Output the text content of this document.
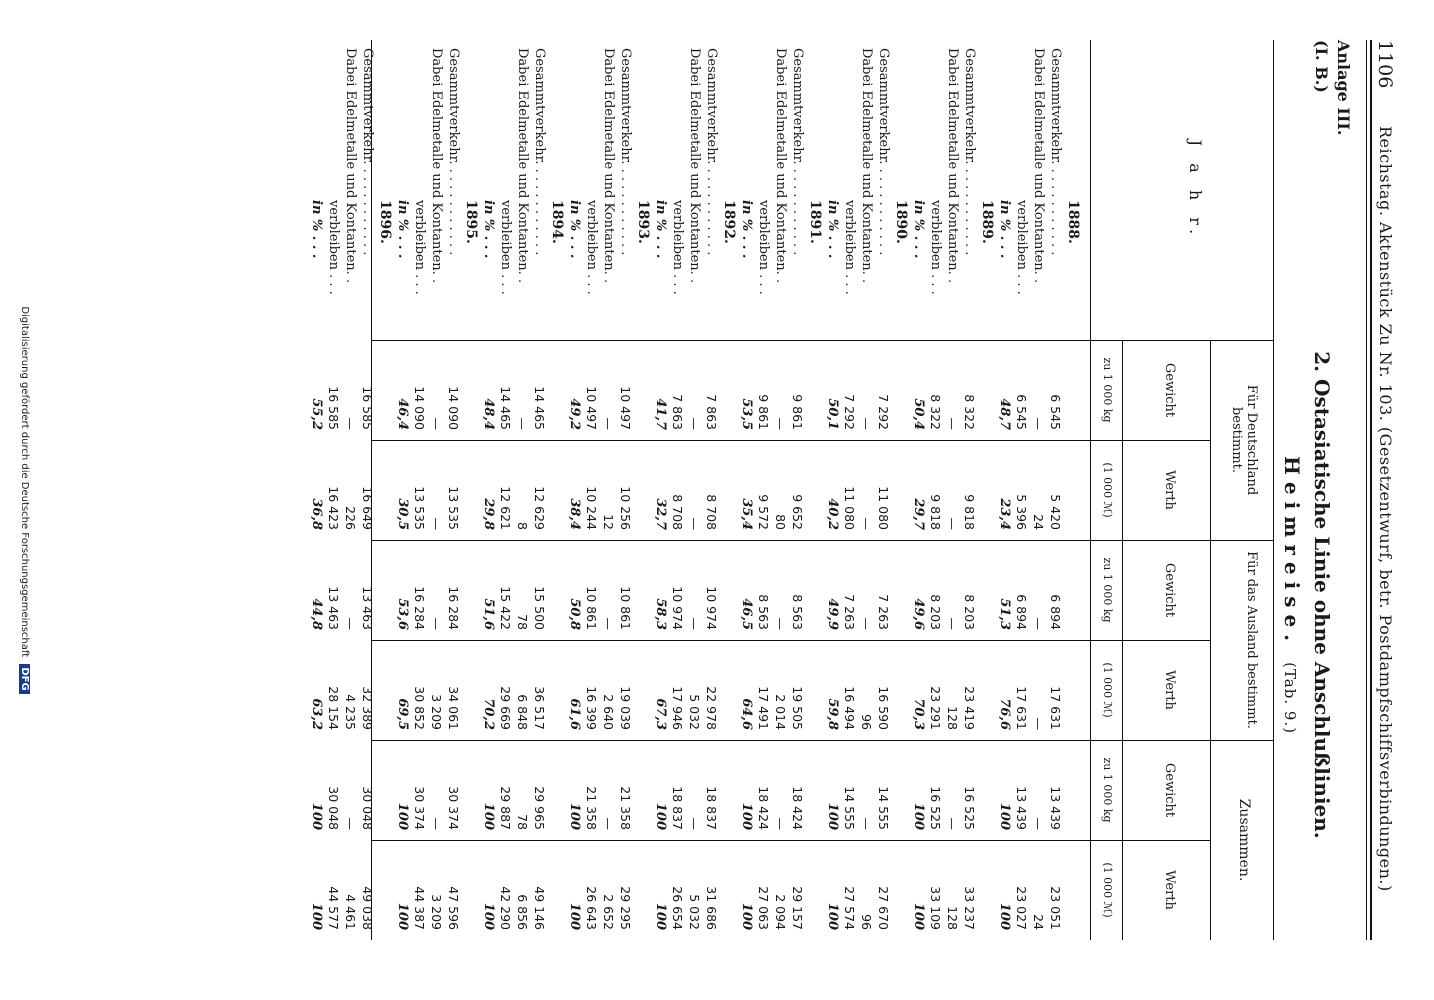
1106
Reichstag. Aktenstück Zu Nr. 103. (Gesetzentwurf, betr. Postdampfschiffsverbindungen.)
Anlage III.
(I. B.)
2. Ostasiatische Linie ohne Anschlußlinien.
Heimreise. (Tab. 9.)
J a h r.
Für Deutschland bestimmt.
Für das Ausland bestimmt.
Zusammen.
Gewicht
Werth
Gewicht
Werth
Gewicht
Werth
zu 1 000 kg
(1 000 ℳ)
zu 1 000 kg
(1 000 ℳ)
zu 1 000 kg
(1 000 ℳ)
1888.
Gesammtverkehr. . . . . . . . . . . .
6 545
5 420
6 894
17 631
13 439
23 051
Dabei Edelmetalle und Kontanten. .
—
24
—
—
—
24
verbleiben . . .
6 545
5 396
6 894
17 631
13 439
23 027
in % . . .
48,7
23,4
51,3
76,6
100
100
1889.
Gesammtverkehr. . . . . . . . . . . .
8 322
9 818
8 203
23 419
16 525
33 237
Dabei Edelmetalle und Kontanten. .
—
—
—
128
—
128
verbleiben . . .
8 322
9 818
8 203
23 291
16 525
33 109
in % . . .
50,4
29,7
49,6
70,3
100
100
1890.
Gesammtverkehr. . . . . . . . . . . .
7 292
11 080
7 263
16 590
14 555
27 670
Dabei Edelmetalle und Kontanten. .
—
—
—
96
—
96
verbleiben . . .
7 292
11 080
7 263
16 494
14 555
27 574
in % . . .
50,1
40,2
49,9
59,8
100
100
1891.
Gesammtverkehr. . . . . . . . . . . .
9 861
9 652
8 563
19 505
18 424
29 157
Dabei Edelmetalle und Kontanten. .
—
80
—
2 014
—
2 094
verbleiben . . .
9 861
9 572
8 563
17 491
18 424
27 063
in % . . .
53,5
35,4
46,5
64,6
100
100
1892.
Gesammtverkehr. . . . . . . . . . . .
7 863
8 708
10 974
22 978
18 837
31 686
Dabei Edelmetalle und Kontanten. .
—
—
—
5 032
—
5 032
verbleiben . . .
7 863
8 708
10 974
17 946
18 837
26 654
in % . . .
41,7
32,7
58,3
67,3
100
100
1893.
Gesammtverkehr. . . . . . . . . . . .
10 497
10 256
10 861
19 039
21 358
29 295
Dabei Edelmetalle und Kontanten. .
—
12
—
2 640
—
2 652
verbleiben . . .
10 497
10 244
10 861
16 399
21 358
26 643
in % . . .
49,2
38,4
50,8
61,6
100
100
1894.
Gesammtverkehr. . . . . . . . . . . .
14 465
12 629
15 500
36 517
29 965
49 146
Dabei Edelmetalle und Kontanten. .
—
8
78
6 848
78
6 856
verbleiben . . .
14 465
12 621
15 422
29 669
29 887
42 290
in % . . .
48,4
29,8
51,6
70,2
100
100
1895.
Gesammtverkehr. . . . . . . . . . . .
14 090
13 535
16 284
34 061
30 374
47 596
Dabei Edelmetalle und Kontanten. .
—
—
—
3 209
—
3 209
verbleiben . . .
14 090
13 535
16 284
30 852
30 374
44 387
in % . . .
46,4
30,5
53,6
69,5
100
100
1896.
Gesammtverkehr. . . . . . . . . . . .
16 585
16 649
13 463
32 389
30 048
49 038
Dabei Edelmetalle und Kontanten. .
—
226
—
4 235
—
4 461
verbleiben . . .
16 585
16 423
13 463
28 154
30 048
44 577
in % . . .
55,2
36,8
44,8
63,2
100
100
Digitalisierung gefördert durch die Deutsche Forschungsgemeinschaft DFG
